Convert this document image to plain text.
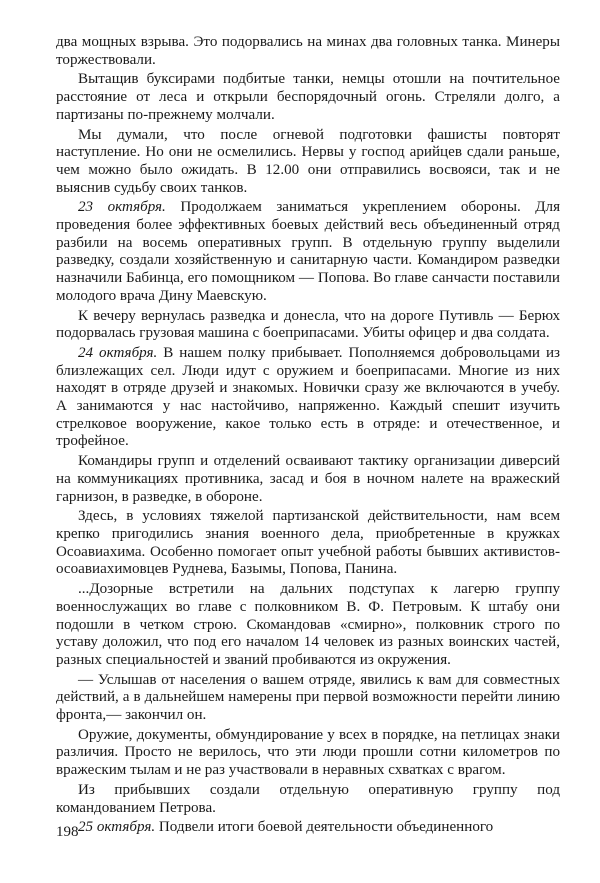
два мощных взрыва. Это подорвались на минах два головных танка. Минеры торжествовали.

Вытащив буксирами подбитые танки, немцы отошли на почтительное расстояние от леса и открыли беспорядочный огонь. Стреляли долго, а партизаны по-прежнему молчали.

Мы думали, что после огневой подготовки фашисты повторят наступление. Но они не осмелились. Нервы у господ арийцев сдали раньше, чем можно было ожидать. В 12.00 они отправились восвояси, так и не выяснив судьбу своих танков.

23 октября. Продолжаем заниматься укреплением обороны. Для проведения более эффективных боевых действий весь объединенный отряд разбили на восемь оперативных групп. В отдельную группу выделили разведку, создали хозяйственную и санитарную части. Командиром разведки назначили Бабинца, его помощником — Попова. Во главе санчасти поставили молодого врача Дину Маевскую.

К вечеру вернулась разведка и донесла, что на дороге Путивль — Берюх подорвалась грузовая машина с боеприпасами. Убиты офицер и два солдата.

24 октября. В нашем полку прибывает. Пополняемся добровольцами из близлежащих сел. Люди идут с оружием и боеприпасами. Многие из них находят в отряде друзей и знакомых. Новички сразу же включаются в учебу. А занимаются у нас настойчиво, напряженно. Каждый спешит изучить стрелковое вооружение, какое только есть в отряде: и отечественное, и трофейное.

Командиры групп и отделений осваивают тактику организации диверсий на коммуникациях противника, засад и боя в ночном налете на вражеский гарнизон, в разведке, в обороне.

Здесь, в условиях тяжелой партизанской действительности, нам всем крепко пригодились знания военного дела, приобретенные в кружках Осоавиахима. Особенно помогает опыт учебной работы бывших активистов-осоавиахимовцев Руднева, Базымы, Попова, Панина.

...Дозорные встретили на дальних подступах к лагерю группу военнослужащих во главе с полковником В. Ф. Петровым. К штабу они подошли в четком строю. Скомандовав «смирно», полковник строго по уставу доложил, что под его началом 14 человек из разных воинских частей, разных специальностей и званий пробиваются из окружения.

— Услышав от населения о вашем отряде, явились к вам для совместных действий, а в дальнейшем намерены при первой возможности перейти линию фронта,— закончил он.

Оружие, документы, обмундирование у всех в порядке, на петлицах знаки различия. Просто не верилось, что эти люди прошли сотни километров по вражеским тылам и не раз участвовали в неравных схватках с врагом.

Из прибывших создали отдельную оперативную группу под командованием Петрова.

25 октября. Подвели итоги боевой деятельности объединенного

198
